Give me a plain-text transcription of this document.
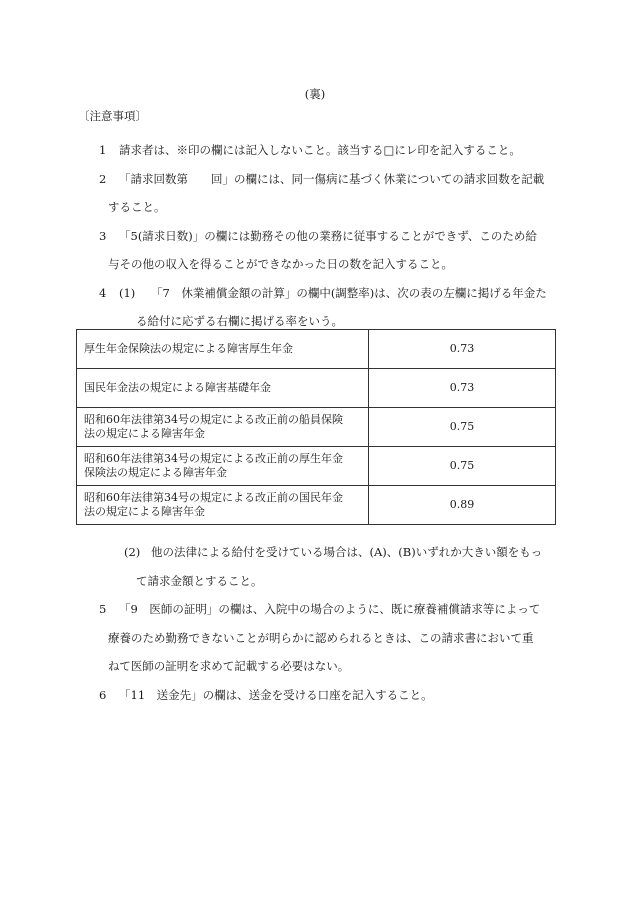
(裏)
〔注意事項〕
1 請求者は、※印の欄には記入しないこと。該当する□にレ印を記入すること。
2 「請求回数第　　回」の欄には、同一傷病に基づく休業についての請求回数を記載
すること。
3 「5(請求日数)」の欄には勤務その他の業務に従事することができず、このため給
与その他の収入を得ることができなかった日の数を記入すること。
4 (1) 「7　休業補償金額の計算」の欄中(調整率)は、次の表の左欄に掲げる年金た
る給付に応ずる右欄に掲げる率をいう。
厚生年金保険法の規定による障害厚生年金	0.73
国民年金法の規定による障害基礎年金	0.73
昭和60年法律第34号の規定による改正前の船員保険
法の規定による障害年金	0.75
昭和60年法律第34号の規定による改正前の厚生年金
保険法の規定による障害年金	0.75
昭和60年法律第34号の規定による改正前の国民年金
法の規定による障害年金	0.89
(2) 他の法律による給付を受けている場合は、(A)、(B)いずれか大きい額をもっ
て請求金額とすること。
5 「9　医師の証明」の欄は、入院中の場合のように、既に療養補償請求等によって
療養のため勤務できないことが明らかに認められるときは、この請求書において重
ねて医師の証明を求めて記載する必要はない。
6 「11　送金先」の欄は、送金を受ける口座を記入すること。
